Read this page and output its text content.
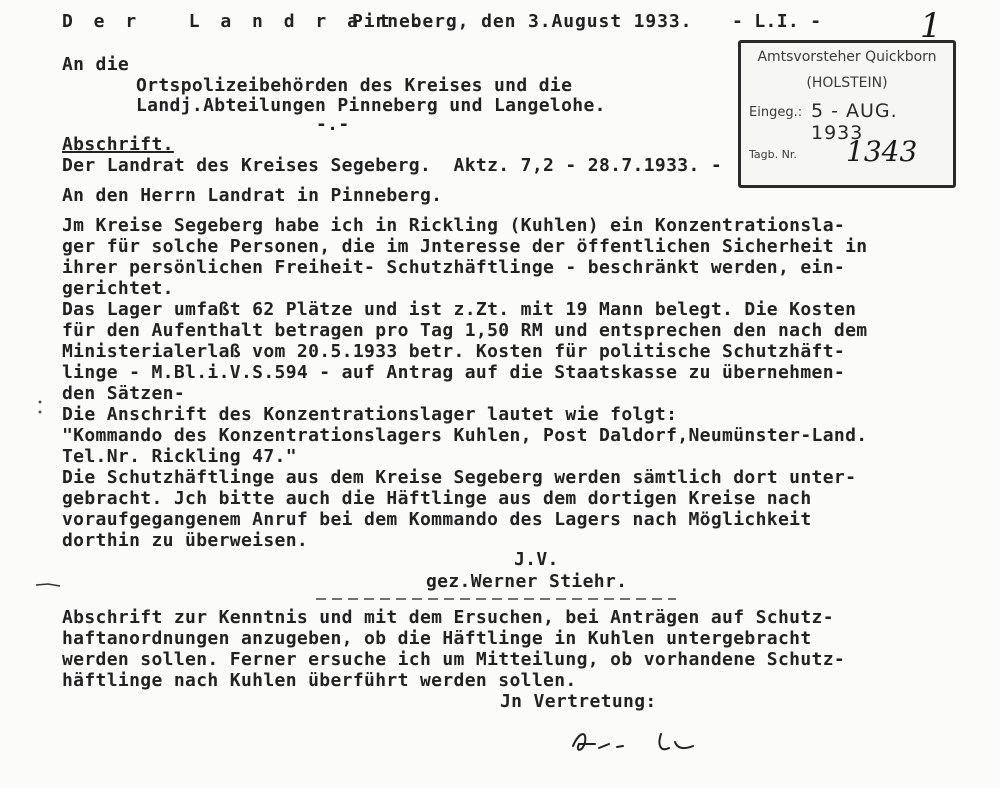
1
D e r   L a n d r a t .
Pinneberg, den 3.August 1933. - L.I. -
Amtsvorsteher Quickborn
(HOLSTEIN)
Eingeg.: 5 - AUG. 1933
Tagb. Nr.	1343
An die
Ortspolizeibehörden des Kreises und die
Landj.Abteilungen Pinneberg und Langelohe.
-.-
Abschrift.
Der Landrat des Kreises Segeberg.  Aktz. 7,2 - 28.7.1933. -
An den Herrn Landrat in Pinneberg.
Jm Kreise Segeberg habe ich in Rickling (Kuhlen) ein Konzentrationsla-
ger für solche Personen, die im Jnteresse der öffentlichen Sicherheit in
ihrer persönlichen Freiheit- Schutzhäftlinge - beschränkt werden, ein-
gerichtet.
Das Lager umfaßt 62 Plätze und ist z.Zt. mit 19 Mann belegt. Die Kosten
für den Aufenthalt betragen pro Tag 1,50 RM und entsprechen den nach dem
Ministerialerlaß vom 20.5.1933 betr. Kosten für politische Schutzhäft-
linge - M.Bl.i.V.S.594 - auf Antrag auf die Staatskasse zu übernehmen-
den Sätzen-
Die Anschrift des Konzentrationslager lautet wie folgt:
"Kommando des Konzentrationslagers Kuhlen, Post Daldorf,Neumünster-Land.
Tel.Nr. Rickling 47."
Die Schutzhäftlinge aus dem Kreise Segeberg werden sämtlich dort unter-
gebracht. Jch bitte auch die Häftlinge aus dem dortigen Kreise nach
voraufgegangenem Anruf bei dem Kommando des Lagers nach Möglichkeit
dorthin zu überweisen.
J.V.
gez.Werner Stiehr.
Abschrift zur Kenntnis und mit dem Ersuchen, bei Anträgen auf Schutz-
haftanordnungen anzugeben, ob die Häftlinge in Kuhlen untergebracht
werden sollen. Ferner ersuche ich um Mitteilung, ob vorhandene Schutz-
häftlinge nach Kuhlen überführt werden sollen.
Jn Vertretung:
